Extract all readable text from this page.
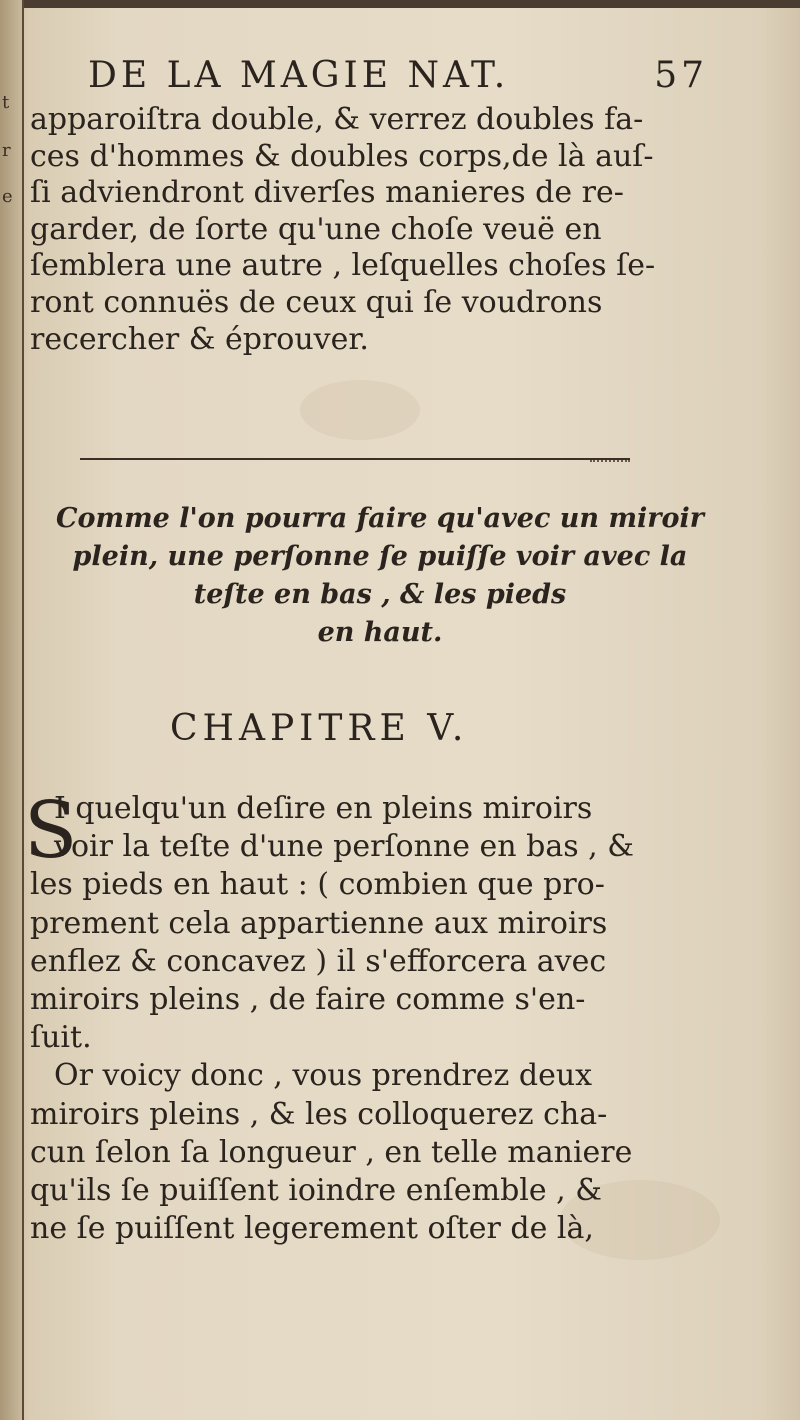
t
r
e
DE LA MAGIE NAT.	57
apparoiſtra double, & verrez doubles fa-
ces d'hommes & doubles corps,de là auſ-
ſi adviendront diverſes manieres de re-
garder, de ſorte qu'une choſe veuë en
ſemblera une autre , leſquelles choſes ſe-
ront connuës de ceux qui ſe voudrons
recercher & éprouver.
Comme l'on pourra faire qu'avec un miroir
plein, une perſonne ſe puiſſe voir avec la
teſte en bas , & les pieds
en haut.
CHAPITRE V.
S
I quelqu'un deſire en pleins miroirs
voir la teſte d'une perſonne en bas , &
les pieds en haut : ( combien que pro-
prement cela appartienne aux miroirs
enflez & concavez ) il s'efforcera avec
miroirs pleins , de faire comme s'en-
ſuit.
Or voicy donc , vous prendrez deux
miroirs pleins , & les colloquerez cha-
cun ſelon ſa longueur , en telle maniere
qu'ils ſe puiſſent ioindre enſemble , &
ne ſe puiſſent legerement oſter de là,
